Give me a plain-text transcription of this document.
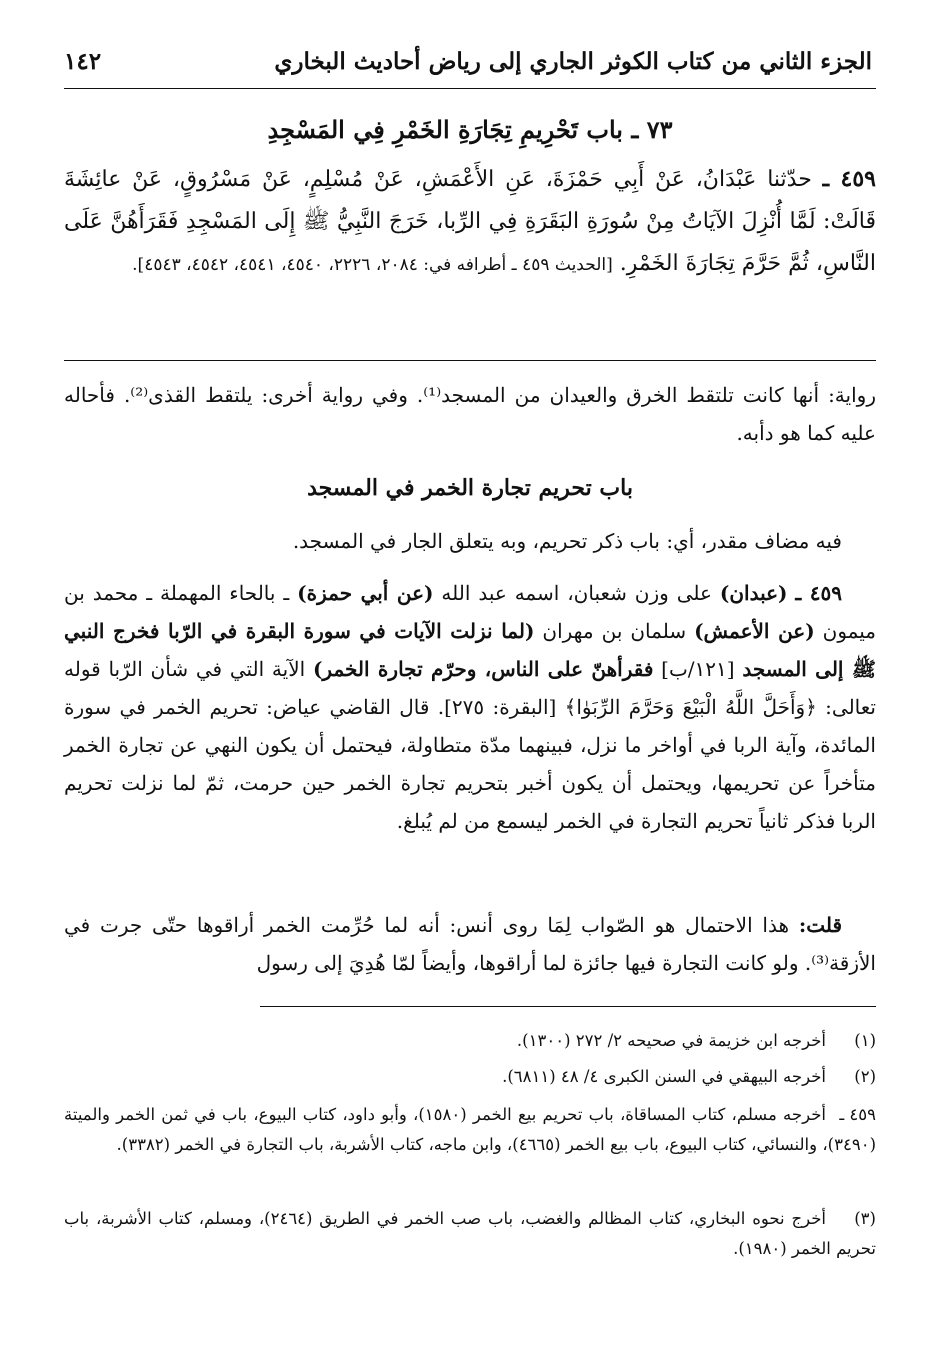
الجزء الثاني من كتاب الكوثر الجاري إلى رياض أحاديث البخاري
١٤٢
٧٣ ـ باب تَحْرِيمِ تِجَارَةِ الخَمْرِ فِي المَسْجِدِ
٤٥٩ ـ حدّثنا عَبْدَانُ، عَنْ أَبِي حَمْزَةَ، عَنِ الأَعْمَشِ، عَنْ مُسْلِمٍ، عَنْ مَسْرُوقٍ، عَنْ عائِشَةَ قَالَتْ: لَمَّا أُنْزِلَ الآيَاتُ مِنْ سُورَةِ البَقَرَةِ فِي الرِّبا، خَرَجَ النَّبِيُّ ﷺ إِلَى المَسْجِدِ فَقَرَأَهُنَّ عَلَى النَّاسِ، ثُمَّ حَرَّمَ تِجَارَةَ الخَمْرِ. [الحديث ٤٥٩ ـ أطرافه في: ٢٠٨٤، ٢٢٢٦، ٤٥٤٠، ٤٥٤١، ٤٥٤٢، ٤٥٤٣].
رواية: أنها كانت تلتقط الخرق والعيدان من المسجد⁽¹⁾. وفي رواية أخرى: يلتقط القذى⁽²⁾. فأحاله عليه كما هو دأبه.
باب تحريم تجارة الخمر في المسجد
فيه مضاف مقدر، أي: باب ذكر تحريم، وبه يتعلق الجار في المسجد.
٤٥٩ ـ (عبدان) على وزن شعبان، اسمه عبد الله (عن أبي حمزة) ـ بالحاء المهملة ـ محمد بن ميمون (عن الأعمش) سلمان بن مهران (لما نزلت الآيات في سورة البقرة في الرّبا فخرج النبي ﷺ إلى المسجد [١٢١/ب] فقرأهنّ على الناس، وحرّم تجارة الخمر) الآية التي في شأن الرّبا قوله تعالى: ﴿وَأَحَلَّ اللَّهُ الْبَيْعَ وَحَرَّمَ الرِّبَوٰا﴾ [البقرة: ٢٧٥]. قال القاضي عياض: تحريم الخمر في سورة المائدة، وآية الربا في أواخر ما نزل، فبينهما مدّة متطاولة، فيحتمل أن يكون النهي عن تجارة الخمر متأخراً عن تحريمها، ويحتمل أن يكون أخبر بتحريم تجارة الخمر حين حرمت، ثمّ لما نزلت تحريم الربا فذكر ثانياً تحريم التجارة في الخمر ليسمع من لم يُبلغ.
قلت: هذا الاحتمال هو الصّواب لِمَا روى أنس: أنه لما حُرِّمت الخمر أراقوها حتّى جرت في الأزقة⁽³⁾. ولو كانت التجارة فيها جائزة لما أراقوها، وأيضاً لمّا هُدِيَ إلى رسول
(١)أخرجه ابن خزيمة في صحيحه ٢/ ٢٧٢ (١٣٠٠).
(٢)أخرجه البيهقي في السنن الكبرى ٤/ ٤٨ (٦٨١١).
٤٥٩ ـأخرجه مسلم، كتاب المساقاة، باب تحريم بيع الخمر (١٥٨٠)، وأبو داود، كتاب البيوع، باب في ثمن الخمر والميتة (٣٤٩٠)، والنسائي، كتاب البيوع، باب بيع الخمر (٤٦٦٥)، وابن ماجه، كتاب الأشربة، باب التجارة في الخمر (٣٣٨٢).
(٣)أخرج نحوه البخاري، كتاب المظالم والغضب، باب صب الخمر في الطريق (٢٤٦٤)، ومسلم، كتاب الأشربة، باب تحريم الخمر (١٩٨٠).
